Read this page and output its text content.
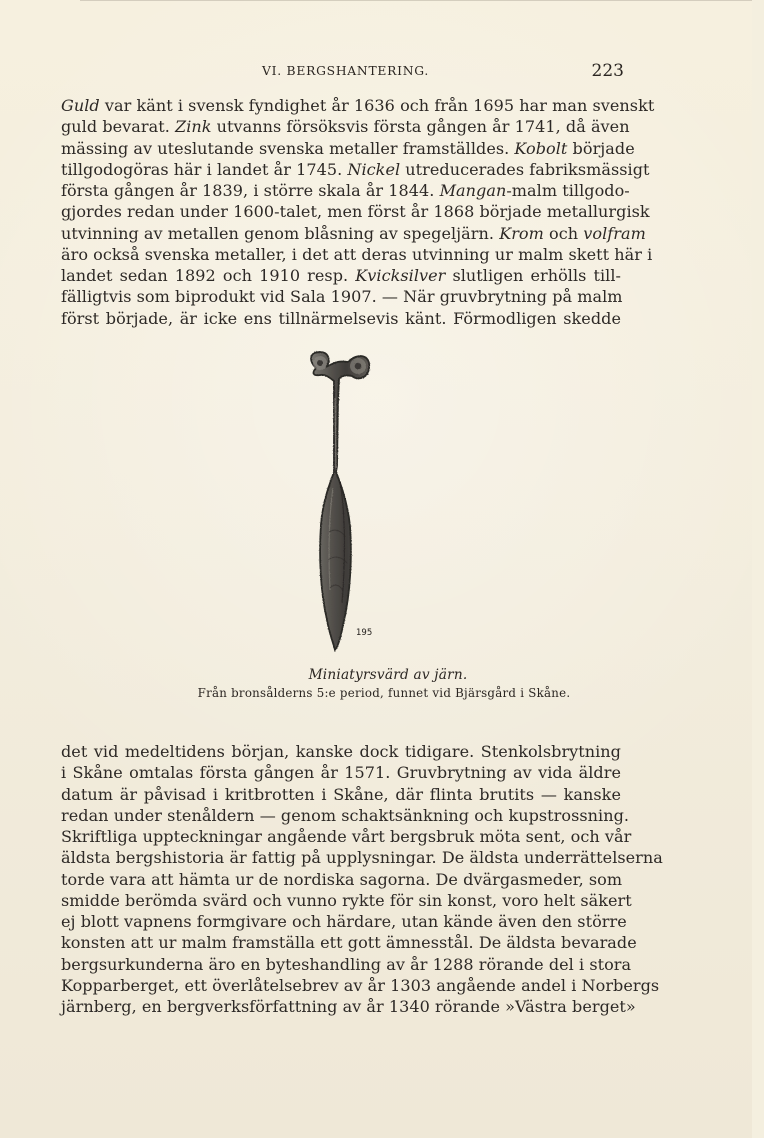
VI. BERGSHANTERING.	223
Guld var känt i svensk fyndighet år 1636 och från 1695 har man svenskt
guld bevarat. Zink utvanns försöksvis första gången år 1741, då även
mässing av uteslutande svenska metaller framställdes. Kobolt började
tillgodogöras här i landet år 1745. Nickel utreducerades fabriksmässigt
första gången år 1839, i större skala år 1844. Mangan-malm tillgodo-
gjordes redan under 1600-talet, men först år 1868 började metallurgisk
utvinning av metallen genom blåsning av spegeljärn. Krom och volfram
äro också svenska metaller, i det att deras utvinning ur malm skett här i
landet sedan 1892 och 1910 resp. Kvicksilver slutligen erhölls till-
fälligtvis som biprodukt vid Sala 1907. — När gruvbrytning på malm
först började, är icke ens tillnärmelsevis känt. Förmodligen skedde
195
Miniatyrsvärd av järn.
Från bronsålderns 5:e period, funnet vid Bjärsgård i Skåne.
det vid medeltidens början, kanske dock tidigare. Stenkolsbrytning
i Skåne omtalas första gången år 1571. Gruvbrytning av vida äldre
datum är påvisad i kritbrotten i Skåne, där flinta brutits — kanske
redan under stenåldern — genom schaktsänkning och kupstrossning.
Skriftliga uppteckningar angående vårt bergsbruk möta sent, och vår
äldsta bergshistoria är fattig på upplysningar. De äldsta underrättelserna
torde vara att hämta ur de nordiska sagorna. De dvärgasmeder, som
smidde berömda svärd och vunno rykte för sin konst, voro helt säkert
ej blott vapnens formgivare och härdare, utan kände även den större
konsten att ur malm framställa ett gott ämnesstål. De äldsta bevarade
bergsurkunderna äro en byteshandling av år 1288 rörande del i stora
Kopparberget, ett överlåtelsebrev av år 1303 angående andel i Norbergs
järnberg, en bergverksförfattning av år 1340 rörande »Västra berget»
